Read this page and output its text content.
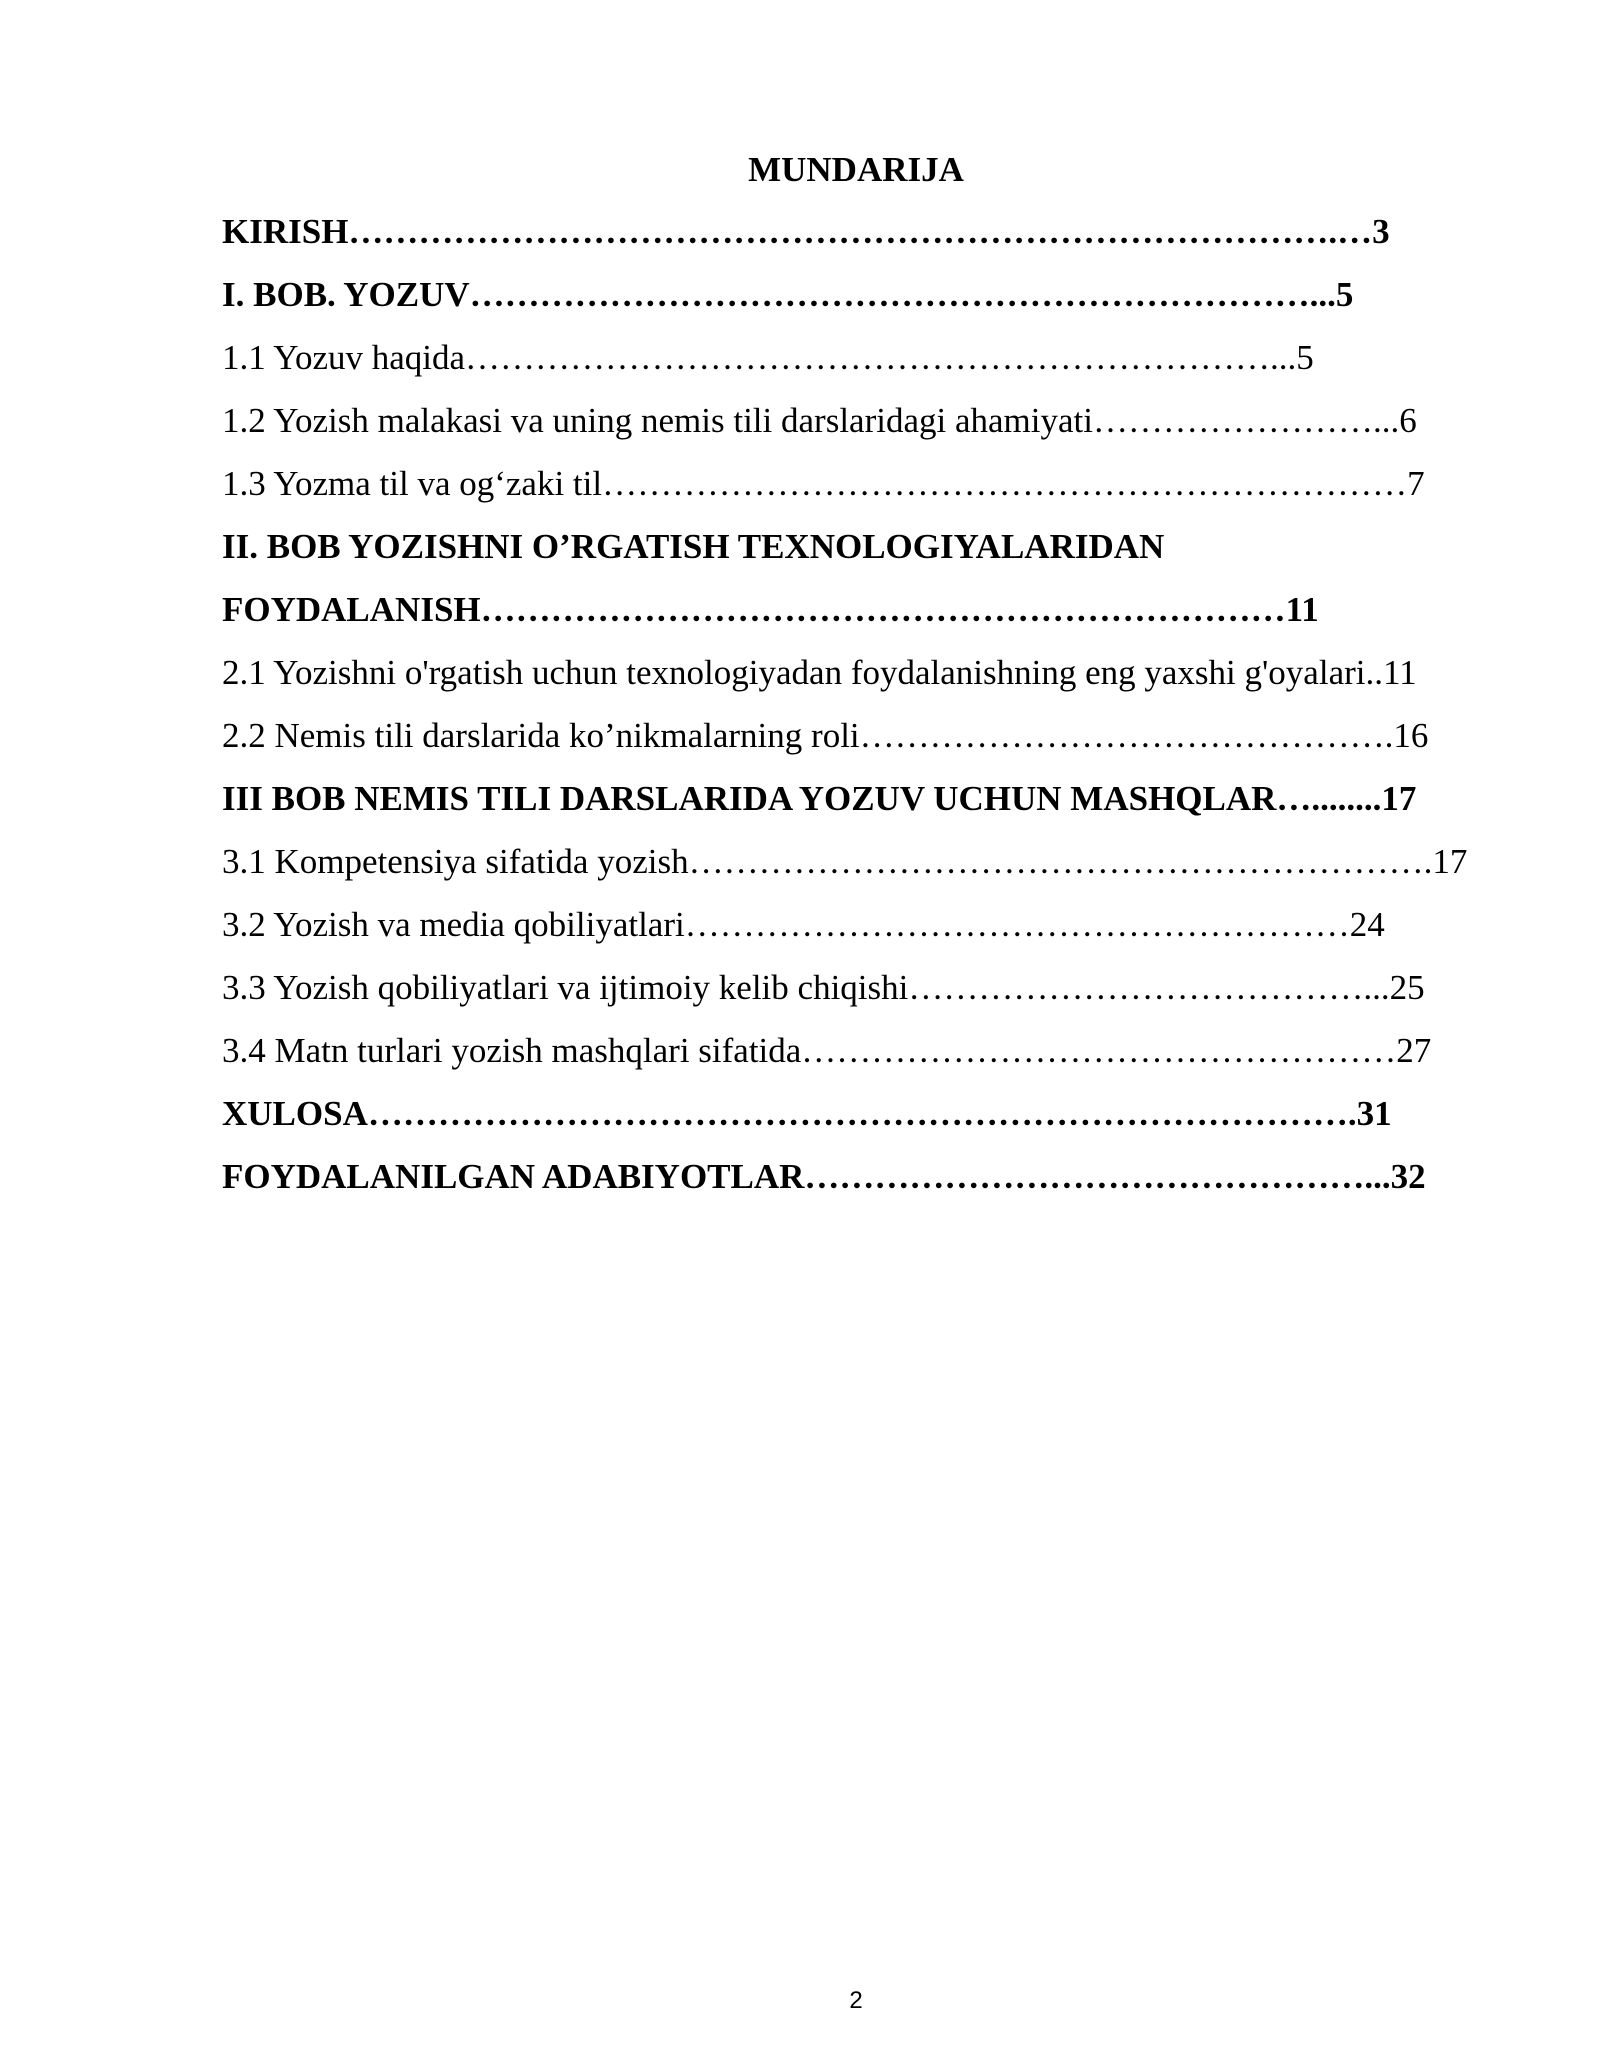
MUNDARIJA
KIRISH………………………………………………………………………….…3
I. BOB. YOZUV………………………………………………………………...5
1.1 Yozuv haqida……………………………………………………………...5
1.2 Yozish malakasi va uning nemis tili darslaridagi ahamiyati……………………...6
1.3 Yozma til va og‘zaki til……………………………………………………………7
II. BOB YOZISHNI O’RGATISH TEXNOLOGIYALARIDAN
FOYDALANISH……………………………………………………………11
2.1 Yozishni o'rgatish uchun texnologiyadan foydalanishning eng yaxshi g'oyalari..11
2.2 Nemis tili darslarida ko’nikmalarning roli……………………………………….16
III BOB NEMIS TILI DARSLARIDA YOZUV UCHUN MASHQLAR…........17
3.1 Kompetensiya sifatida yozish……………………………………………………….17
3.2 Yozish va media qobiliyatlari…………………………………………………24
3.3 Yozish qobiliyatlari va ijtimoiy kelib chiqishi…………………………………...25
3.4 Matn turlari yozish mashqlari sifatida……………………………………………27
XULOSA………………………………………………………………………….31
FOYDALANILGAN ADABIYOTLAR…………………………………………...32
2
